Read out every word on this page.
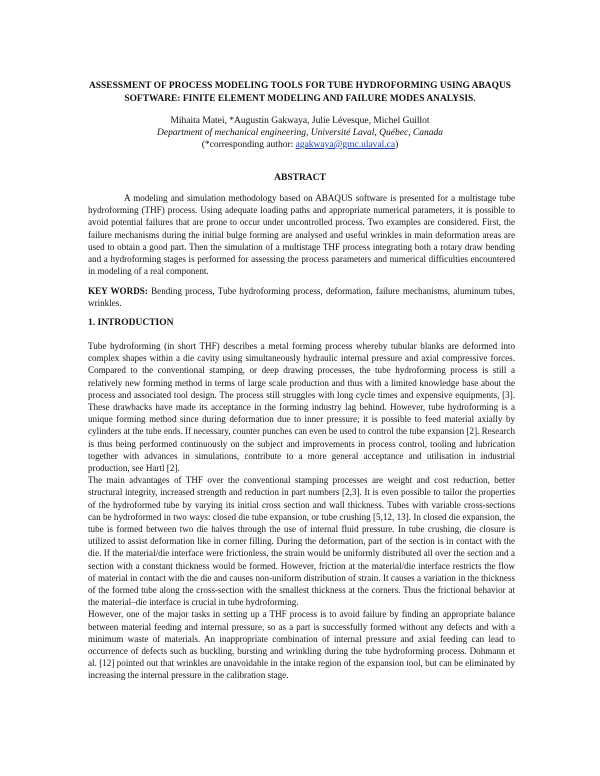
ASSESSMENT OF PROCESS MODELING TOOLS FOR TUBE HYDROFORMING USING ABAQUS SOFTWARE: FINITE ELEMENT MODELING AND FAILURE MODES ANALYSIS.
Mihaita Matei, *Augustin Gakwaya, Julie Lévesque, Michel Guillot
Department of mechanical engineering, Université Laval, Québec, Canada
(*corresponding author: agakwaya@gmc.ulaval.ca)
ABSTRACT

A modeling and simulation methodology based on ABAQUS software is presented for a multistage tube hydroforming (THF) process. Using adequate loading paths and appropriate numerical parameters, it is possible to avoid potential failures that are prone to occur under uncontrolled process. Two examples are considered. First, the failure mechanisms during the initial bulge forming are analysed and useful wrinkles in main deformation areas are used to obtain a good part. Then the simulation of a multistage THF process integrating both a rotary draw bending and a hydroforming stages is performed for assessing the process parameters and numerical difficulties encountered in modeling of a real component.

KEY WORDS: Bending process, Tube hydroforming process, deformation, failure mechanisms, aluminum tubes, wrinkles.

1. INTRODUCTION

Tube hydroforming (in short THF) describes a metal forming process whereby tubular blanks are deformed into complex shapes within a die cavity using simultaneously hydraulic internal pressure and axial compressive forces. Compared to the conventional stamping, or deep drawing processes, the tube hydroforming process is still a relatively new forming method in terms of large scale production and thus with a limited knowledge base about the process and associated tool design. The process still struggles with long cycle times and expensive equipments, [3]. These drawbacks have made its acceptance in the forming industry lag behind. However, tube hydroforming is a unique forming method since during deformation due to inner pressure; it is possible to feed material axially by cylinders at the tube ends. If necessary, counter punches can even be used to control the tube expansion [2]. Research is thus being performed continuously on the subject and improvements in process control, tooling and lubrication together with advances in simulations, contribute to a more general acceptance and utilisation in industrial production, see Hartl [2].

The main advantages of THF over the conventional stamping processes are weight and cost reduction, better structural integrity, increased strength and reduction in part numbers [2,3]. It is even possible to tailor the properties of the hydroformed tube by varying its initial cross section and wall thickness. Tubes with variable cross-sections can be hydroformed in two ways: closed die tube expansion, or tube crushing [5,12, 13]. In closed die expansion, the tube is formed between two die halves through the use of internal fluid pressure. In tube crushing, die closure is utilized to assist deformation like in corner filling. During the deformation, part of the section is in contact with the die. If the material/die interface were frictionless, the strain would be uniformly distributed all over the section and a section with a constant thickness would be formed. However, friction at the material/die interface restricts the flow of material in contact with the die and causes non-uniform distribution of strain. It causes a variation in the thickness of the formed tube along the cross-section with the smallest thickness at the corners. Thus the frictional behavior at the material–die interface is crucial in tube hydroforming.

However, one of the major tasks in setting up a THF process is to avoid failure by finding an appropriate balance between material feeding and internal pressure, so as a part is successfully formed without any defects and with a minimum waste of materials. An inappropriate combination of internal pressure and axial feeding can lead to occurrence of defects such as buckling, bursting and wrinkling during the tube hydroforming process. Dohmann et al. [12] pointed out that wrinkles are unavoidable in the intake region of the expansion tool, but can be eliminated by increasing the internal pressure in the calibration stage.
